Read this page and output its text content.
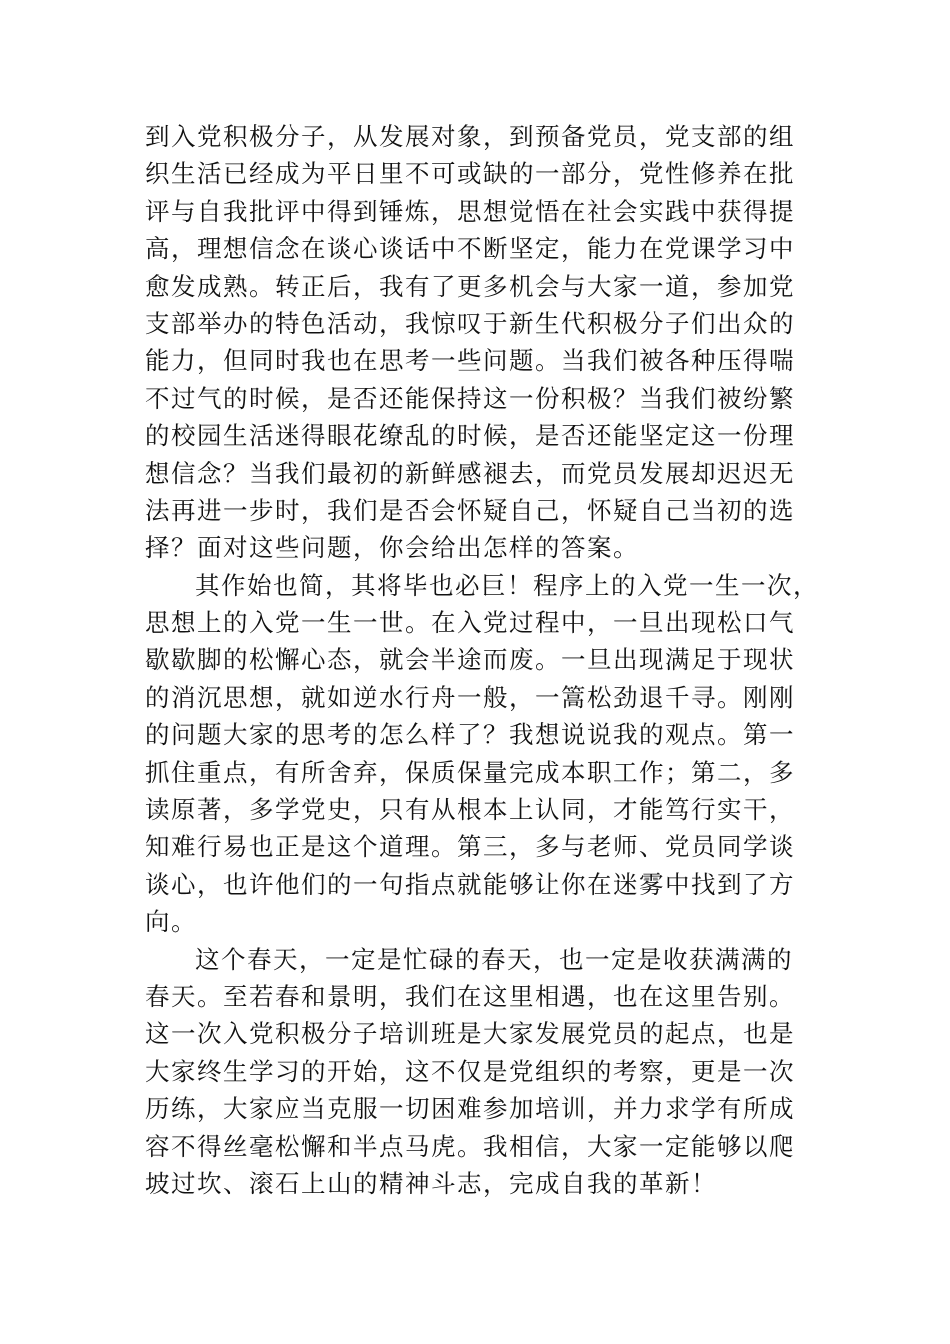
到入党积极分子，从发展对象，到预备党员，党支部的组
织生活已经成为平日里不可或缺的一部分，党性修养在批
评与自我批评中得到锤炼，思想觉悟在社会实践中获得提
高，理想信念在谈心谈话中不断坚定，能力在党课学习中
愈发成熟。转正后，我有了更多机会与大家一道，参加党
支部举办的特色活动，我惊叹于新生代积极分子们出众的
能力，但同时我也在思考一些问题。当我们被各种压得喘
不过气的时候，是否还能保持这一份积极？当我们被纷繁
的校园生活迷得眼花缭乱的时候，是否还能坚定这一份理
想信念？当我们最初的新鲜感褪去，而党员发展却迟迟无
法再进一步时，我们是否会怀疑自己，怀疑自己当初的选
择？面对这些问题，你会给出怎样的答案。
其作始也简，其将毕也必巨！程序上的入党一生一次，
思想上的入党一生一世。在入党过程中，一旦出现松口气
歇歇脚的松懈心态，就会半途而废。一旦出现满足于现状
的消沉思想，就如逆水行舟一般，一篙松劲退千寻。刚刚
的问题大家的思考的怎么样了？我想说说我的观点。第一
抓住重点，有所舍弃，保质保量完成本职工作；第二，多
读原著，多学党史，只有从根本上认同，才能笃行实干，
知难行易也正是这个道理。第三，多与老师、党员同学谈
谈心，也许他们的一句指点就能够让你在迷雾中找到了方
向。
这个春天，一定是忙碌的春天，也一定是收获满满的
春天。至若春和景明，我们在这里相遇，也在这里告别。
这一次入党积极分子培训班是大家发展党员的起点，也是
大家终生学习的开始，这不仅是党组织的考察，更是一次
历练，大家应当克服一切困难参加培训，并力求学有所成
容不得丝毫松懈和半点马虎。我相信，大家一定能够以爬
坡过坎、滚石上山的精神斗志，完成自我的革新！
